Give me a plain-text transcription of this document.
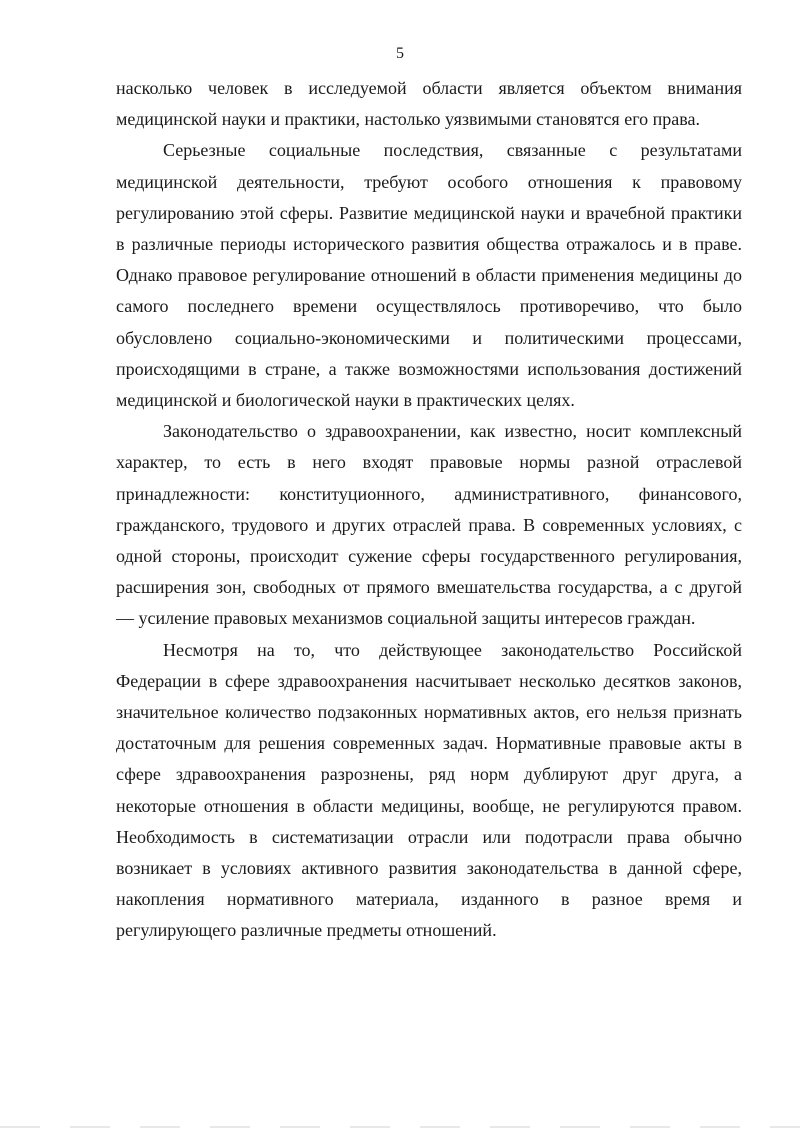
5

насколько человек в исследуемой области является объектом внимания медицинской науки и практики, настолько уязвимыми становятся его права.

Серьезные социальные последствия, связанные с результатами медицинской деятельности, требуют особого отношения к правовому регулированию этой сферы. Развитие медицинской науки и врачебной практики в различные периоды исторического развития общества отражалось и в праве. Однако правовое регулирование отношений в области применения медицины до самого последнего времени осуществлялось противоречиво, что было обусловлено социально-экономическими и политическими процессами, происходящими в стране, а также возможностями использования достижений медицинской и биологической науки в практических целях.

Законодательство о здравоохранении, как известно, носит комплексный характер, то есть в него входят правовые нормы разной отраслевой принадлежности: конституционного, административного, финансового, гражданского, трудового и других отраслей права. В современных условиях, с одной стороны, происходит сужение сферы государственного регулирования, расширения зон, свободных от прямого вмешательства государства, а с другой — усиление правовых механизмов социальной защиты интересов граждан.

Несмотря на то, что действующее законодательство Российской Федерации в сфере здравоохранения насчитывает несколько десятков законов, значительное количество подзаконных нормативных актов, его нельзя признать достаточным для решения современных задач. Нормативные правовые акты в сфере здравоохранения разрознены, ряд норм дублируют друг друга, а некоторые отношения в области медицины, вообще, не регулируются правом. Необходимость в систематизации отрасли или подотрасли права обычно возникает в условиях активного развития законодательства в данной сфере, накопления нормативного материала, изданного в разное время и регулирующего различные предметы отношений.
